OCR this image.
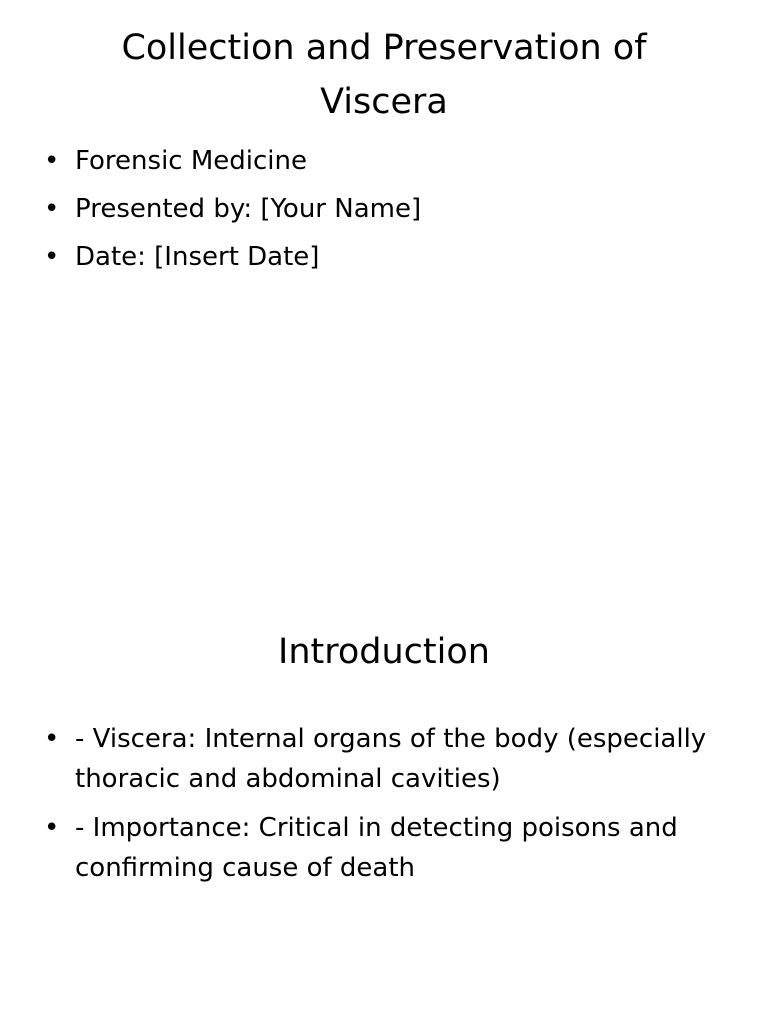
Collection and Preservation of Viscera
• Forensic Medicine
• Presented by: [Your Name]
• Date: [Insert Date]
Introduction
• - Viscera: Internal organs of the body (especially thoracic and abdominal cavities)
• - Importance: Critical in detecting poisons and confirming cause of death
